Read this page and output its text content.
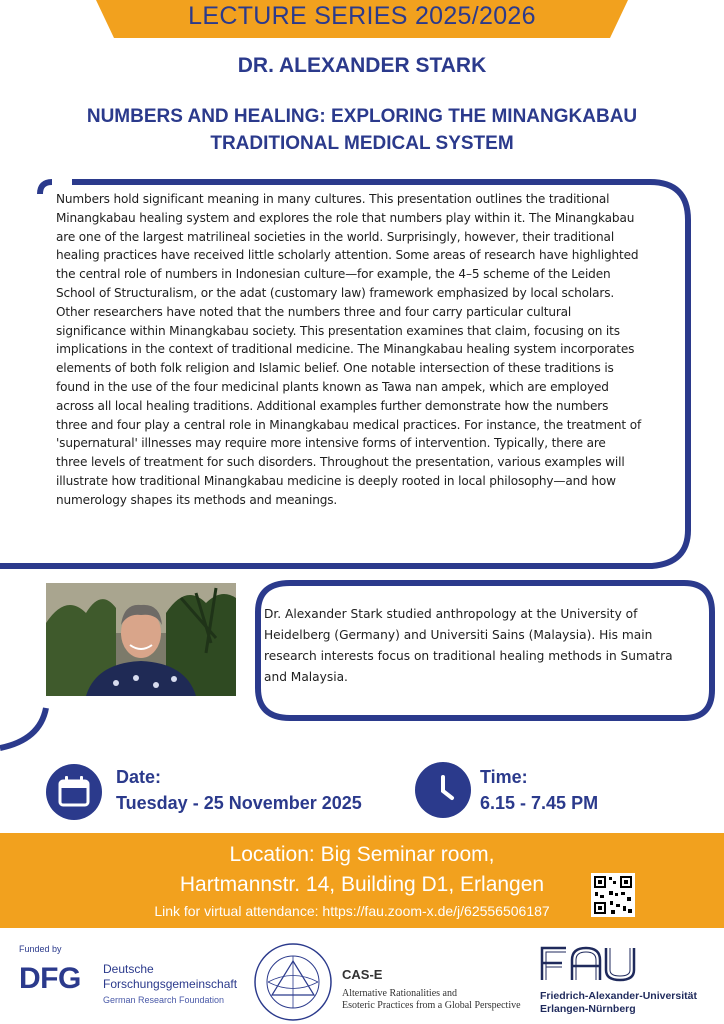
LECTURE SERIES 2025/2026
DR. ALEXANDER STARK
NUMBERS AND HEALING: EXPLORING THE MINANGKABAU
TRADITIONAL MEDICAL SYSTEM
Numbers hold significant meaning in many cultures. This presentation outlines the traditional
Minangkabau healing system and explores the role that numbers play within it. The Minangkabau
are one of the largest matrilineal societies in the world. Surprisingly, however, their traditional
healing practices have received little scholarly attention. Some areas of research have highlighted
the central role of numbers in Indonesian culture—for example, the 4–5 scheme of the Leiden
School of Structuralism, or the adat (customary law) framework emphasized by local scholars.
Other researchers have noted that the numbers three and four carry particular cultural
significance within Minangkabau society. This presentation examines that claim, focusing on its
implications in the context of traditional medicine. The Minangkabau healing system incorporates
elements of both folk religion and Islamic belief. One notable intersection of these traditions is
found in the use of the four medicinal plants known as Tawa nan ampek, which are employed
across all local healing traditions. Additional examples further demonstrate how the numbers
three and four play a central role in Minangkabau medical practices. For instance, the treatment of
'supernatural' illnesses may require more intensive forms of intervention. Typically, there are
three levels of treatment for such disorders. Throughout the presentation, various examples will
illustrate how traditional Minangkabau medicine is deeply rooted in local philosophy—and how
numerology shapes its methods and meanings.
Dr. Alexander Stark studied anthropology at the University of
Heidelberg (Germany) and Universiti Sains (Malaysia). His main
research interests focus on traditional healing methods in Sumatra
and Malaysia.
Date:
Tuesday - 25 November 2025
Time:
6.15 - 7.45 PM
Location: Big Seminar room,
Hartmannstr. 14, Building D1, Erlangen
Link for virtual attendance: https://fau.zoom-x.de/j/62556506187
Funded by
DFG Deutsche
Forschungsgemeinschaft
German Research Foundation
CAS-E
Alternative Rationalities and
Esoteric Practices from a Global Perspective
Friedrich-Alexander-Universität
Erlangen-Nürnberg
